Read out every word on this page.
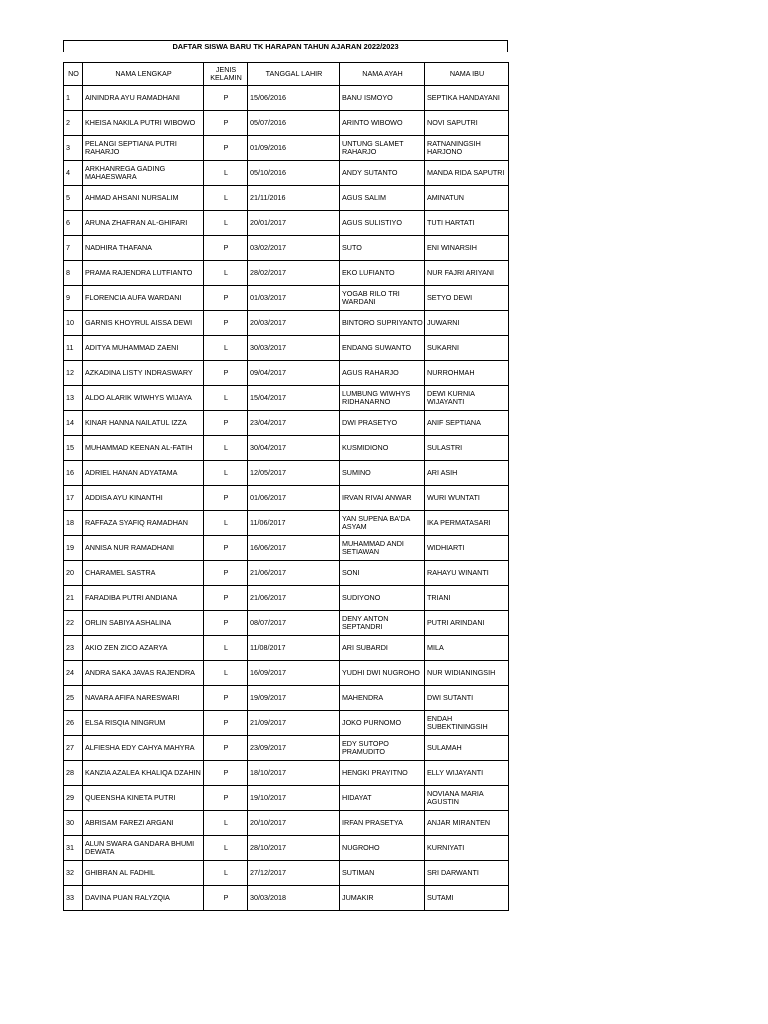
DAFTAR SISWA BARU TK HARAPAN TAHUN AJARAN 2022/2023
NO	NAMA LENGKAP	JENIS KELAMIN	TANGGAL LAHIR	NAMA AYAH	NAMA IBU
1	AININDRA AYU RAMADHANI	P	15/06/2016	BANU ISMOYO	SEPTIKA HANDAYANI
2	KHEISA NAKILA PUTRI WIBOWO	P	05/07/2016	ARINTO WIBOWO	NOVI SAPUTRI
3	PELANGI SEPTIANA PUTRI RAHARJO	P	01/09/2016	UNTUNG SLAMET RAHARJO	RATNANINGSIH HARJONO
4	ARKHANREGA GADING MAHAESWARA	L	05/10/2016	ANDY SUTANTO	MANDA RIDA SAPUTRI
5	AHMAD AHSANI NURSALIM	L	21/11/2016	AGUS SALIM	AMINATUN
6	ARUNA ZHAFRAN AL-GHIFARI	L	20/01/2017	AGUS SULISTIYO	TUTI HARTATI
7	NADHIRA THAFANA	P	03/02/2017	SUTO	ENI WINARSIH
8	PRAMA RAJENDRA LUTFIANTO	L	28/02/2017	EKO LUFIANTO	NUR FAJRI ARIYANI
9	FLORENCIA AUFA WARDANI	P	01/03/2017	YOGAB RILO TRI WARDANI	SETYO DEWI
10	GARNIS KHOYRUL AISSA DEWI	P	20/03/2017	BINTORO SUPRIYANTO	JUWARNI
11	ADITYA MUHAMMAD ZAENI	L	30/03/2017	ENDANG SUWANTO	SUKARNI
12	AZKADINA LISTY INDRASWARY	P	09/04/2017	AGUS RAHARJO	NURROHMAH
13	ALDO ALARIK WIWHYS WIJAYA	L	15/04/2017	LUMBUNG WIWHYS RIDHANARNO	DEWI KURNIA WIJAYANTI
14	KINAR HANNA NAILATUL IZZA	P	23/04/2017	DWI PRASETYO	ANIF SEPTIANA
15	MUHAMMAD KEENAN AL-FATIH	L	30/04/2017	KUSMIDIONO	SULASTRI
16	ADRIEL HANAN ADYATAMA	L	12/05/2017	SUMINO	ARI ASIH
17	ADDISA AYU KINANTHI	P	01/06/2017	IRVAN RIVAI ANWAR	WURI WUNTATI
18	RAFFAZA SYAFIQ RAMADHAN	L	11/06/2017	YAN SUPENA BA'DA ASYAM	IKA PERMATASARI
19	ANNISA NUR RAMADHANI	P	16/06/2017	MUHAMMAD ANDI SETIAWAN	WIDHIARTI
20	CHARAMEL SASTRA	P	21/06/2017	SONI	RAHAYU WINANTI
21	FARADIBA PUTRI ANDIANA	P	21/06/2017	SUDIYONO	TRIANI
22	ORLIN SABIYA ASHALINA	P	08/07/2017	DENY ANTON SEPTANDRI	PUTRI ARINDANI
23	AKIO ZEN ZICO AZARYA	L	11/08/2017	ARI SUBARDI	MILA
24	ANDRA SAKA JAVAS RAJENDRA	L	16/09/2017	YUDHI DWI NUGROHO	NUR WIDIANINGSIH
25	NAVARA AFIFA NARESWARI	P	19/09/2017	MAHENDRA	DWI SUTANTI
26	ELSA RISQIA NINGRUM	P	21/09/2017	JOKO PURNOMO	ENDAH SUBEKTININGSIH
27	ALFIESHA EDY CAHYA MAHYRA	P	23/09/2017	EDY SUTOPO PRAMUDITO	SULAMAH
28	KANZIA AZALEA KHALIQA DZAHIN	P	18/10/2017	HENGKI PRAYITNO	ELLY WIJAYANTI
29	QUEENSHA KINETA PUTRI	P	19/10/2017	HIDAYAT	NOVIANA MARIA AGUSTIN
30	ABRISAM FAREZI ARGANI	L	20/10/2017	IRFAN PRASETYA	ANJAR MIRANTEN
31	ALUN SWARA GANDARA BHUMI DEWATA	L	28/10/2017	NUGROHO	KURNIYATI
32	GHIBRAN AL FADHIL	L	27/12/2017	SUTIMAN	SRI DARWANTI
33	DAVINA PUAN RALYZQIA	P	30/03/2018	JUMAKIR	SUTAMI
